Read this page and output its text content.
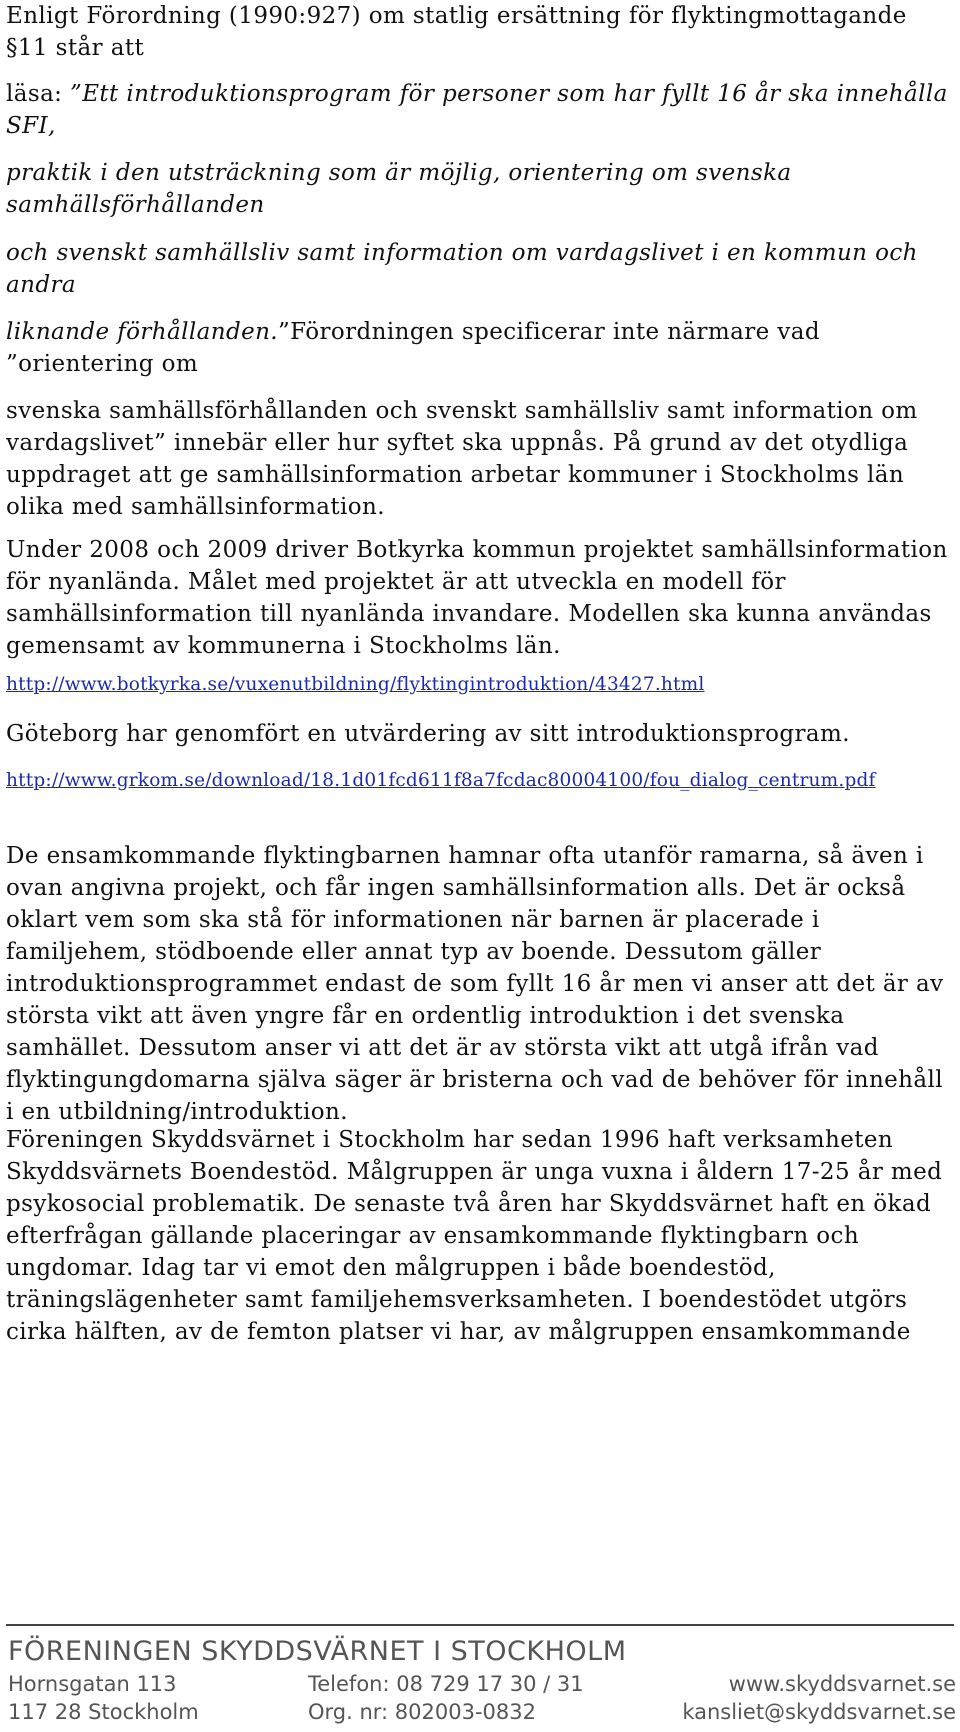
Enligt Förordning (1990:927) om statlig ersättning för flyktingmottagande
§11 står att

läsa: ”Ett introduktionsprogram för personer som har fyllt 16 år ska innehålla SFI,

praktik i den utsträckning som är möjlig, orientering om svenska samhällsförhållanden

och svenskt samhällsliv samt information om vardagslivet i en kommun och andra

liknande förhållanden.”Förordningen specificerar inte närmare vad ”orientering om

svenska samhällsförhållanden och svenskt samhällsliv samt information om vardagslivet” innebär eller hur syftet ska uppnås. På grund av det otydliga uppdraget att ge samhällsinformation arbetar kommuner i Stockholms län olika med samhällsinformation.

Under 2008 och 2009 driver Botkyrka kommun projektet samhällsinformation för nyanlända. Målet med projektet är att utveckla en modell för samhällsinformation till nyanlända invandare. Modellen ska kunna användas gemensamt av kommunerna i Stockholms län.

http://www.botkyrka.se/vuxenutbildning/flyktingintroduktion/43427.html

Göteborg har genomfört en utvärdering av sitt introduktionsprogram.

http://www.grkom.se/download/18.1d01fcd611f8a7fcdac80004100/fou_dialog_centrum.pdf

De ensamkommande flyktingbarnen hamnar ofta utanför ramarna, så även i ovan angivna projekt, och får ingen samhällsinformation alls. Det är också oklart vem som ska stå för informationen när barnen är placerade i familjehem, stödboende eller annat typ av boende. Dessutom gäller introduktionsprogrammet endast de som fyllt 16 år men vi anser att det är av största vikt att även yngre får en ordentlig introduktion i det svenska samhället. Dessutom anser vi att det är av största vikt att utgå ifrån vad flyktingungdomarna själva säger är bristerna och vad de behöver för innehåll i en utbildning/introduktion.

Föreningen Skyddsvärnet i Stockholm har sedan 1996 haft verksamheten Skyddsvärnets Boendestöd. Målgruppen är unga vuxna i åldern 17-25 år med psykosocial problematik. De senaste två åren har Skyddsvärnet haft en ökad efterfrågan gällande placeringar av ensamkommande flyktingbarn och ungdomar. Idag tar vi emot den målgruppen i både boendestöd, träningslägenheter samt familjehemsverksamheten. I boendestödet utgörs cirka hälften, av de femton platser vi har, av målgruppen ensamkommande

FÖRENINGEN SKYDDSVÄRNET I STOCKHOLM
Hornsgatan 113	Telefon: 08 729 17 30 / 31	www.skyddsvarnet.se
117 28 Stockholm	Org. nr: 802003-0832	kansliet@skyddsvarnet.se
